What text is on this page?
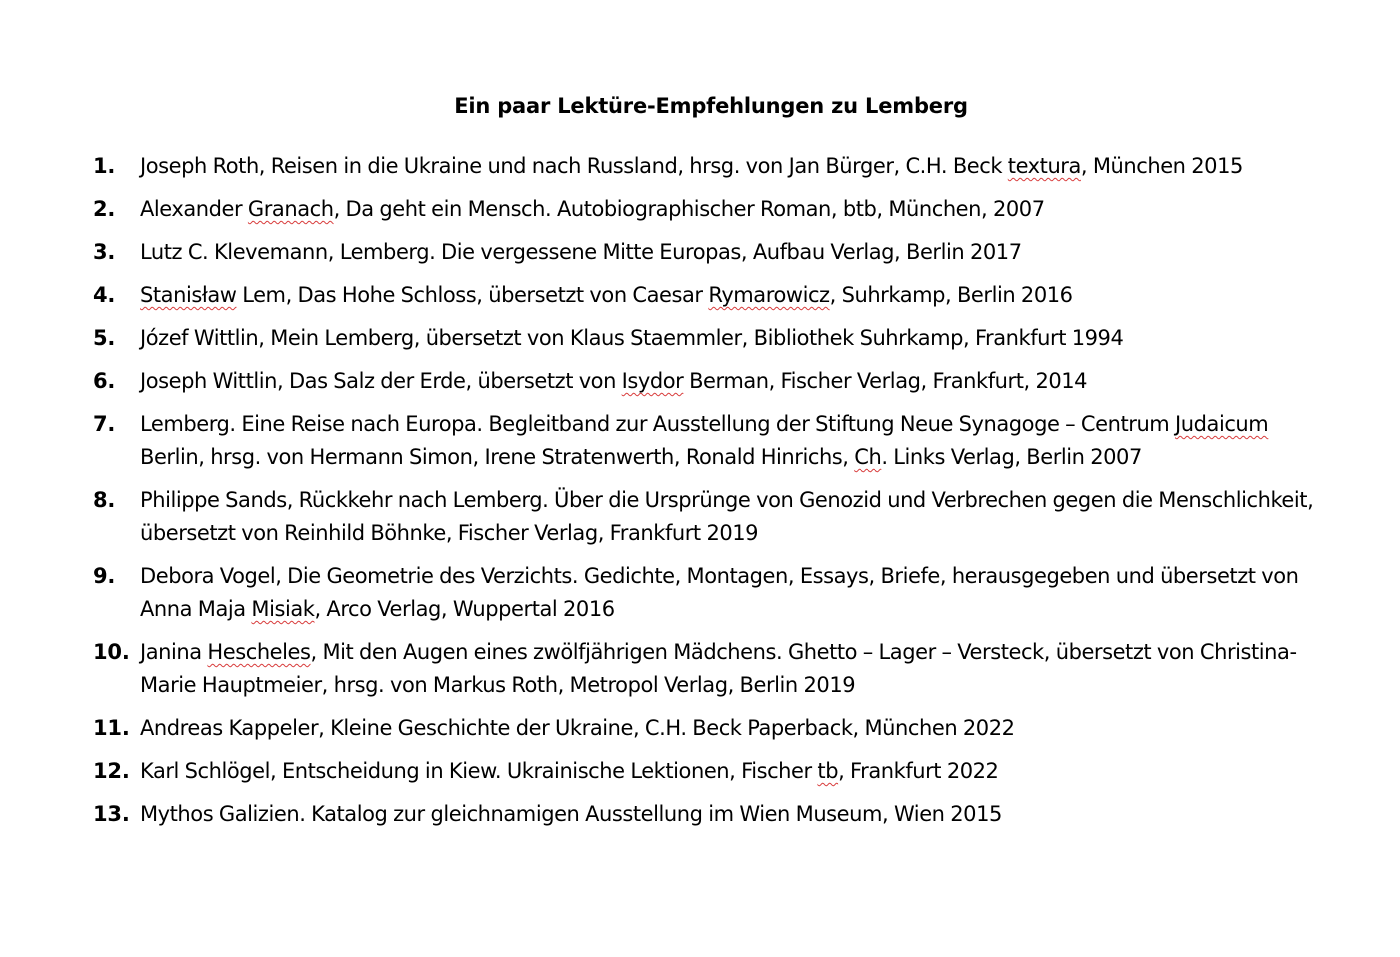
Ein paar Lektüre-Empfehlungen zu Lemberg
1.	Joseph Roth, Reisen in die Ukraine und nach Russland, hrsg. von Jan Bürger, C.H. Beck textura, München 2015
2.	Alexander Granach, Da geht ein Mensch. Autobiographischer Roman, btb, München, 2007
3.	Lutz C. Klevemann, Lemberg. Die vergessene Mitte Europas, Aufbau Verlag, Berlin 2017
4.	Stanisław Lem, Das Hohe Schloss, übersetzt von Caesar Rymarowicz, Suhrkamp, Berlin 2016
5.	Józef Wittlin, Mein Lemberg, übersetzt von Klaus Staemmler, Bibliothek Suhrkamp, Frankfurt 1994
6.	Joseph Wittlin, Das Salz der Erde, übersetzt von Isydor Berman, Fischer Verlag, Frankfurt, 2014
7.	Lemberg. Eine Reise nach Europa. Begleitband zur Ausstellung der Stiftung Neue Synagoge – Centrum Judaicum Berlin, hrsg. von Hermann Simon, Irene Stratenwerth, Ronald Hinrichs, Ch. Links Verlag, Berlin 2007
8.	Philippe Sands, Rückkehr nach Lemberg. Über die Ursprünge von Genozid und Verbrechen gegen die Menschlichkeit, übersetzt von Reinhild Böhnke, Fischer Verlag, Frankfurt 2019
9.	Debora Vogel, Die Geometrie des Verzichts. Gedichte, Montagen, Essays, Briefe, herausgegeben und übersetzt von Anna Maja Misiak, Arco Verlag, Wuppertal 2016
10. Janina Hescheles, Mit den Augen eines zwölfjährigen Mädchens. Ghetto – Lager – Versteck, übersetzt von Christina-Marie Hauptmeier, hrsg. von Markus Roth, Metropol Verlag, Berlin 2019
11. Andreas Kappeler, Kleine Geschichte der Ukraine, C.H. Beck Paperback, München 2022
12. Karl Schlögel, Entscheidung in Kiew. Ukrainische Lektionen, Fischer tb, Frankfurt 2022
13. Mythos Galizien. Katalog zur gleichnamigen Ausstellung im Wien Museum, Wien 2015
